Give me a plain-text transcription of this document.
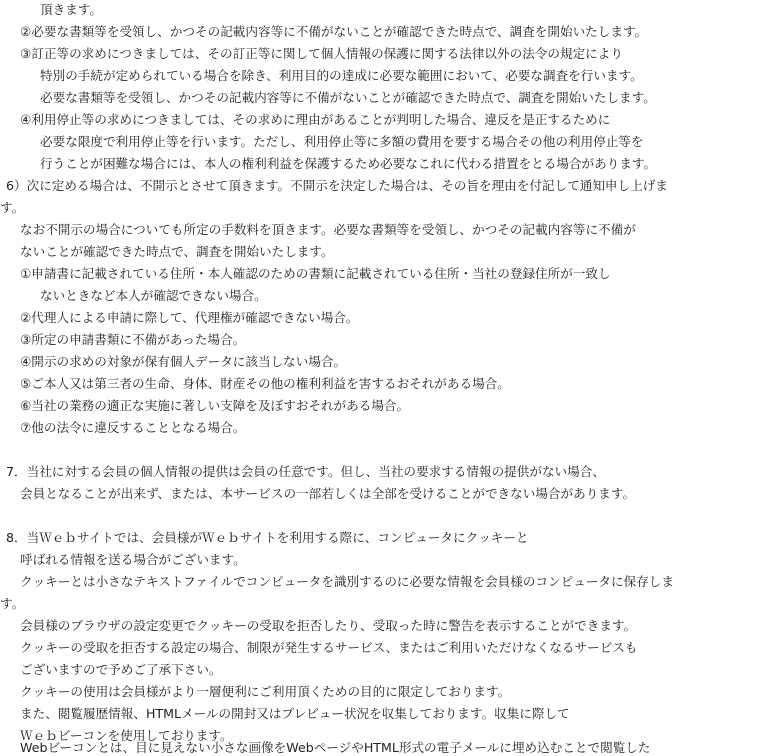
頂きます。
②必要な書類等を受領し、かつその記載内容等に不備がないことが確認できた時点で、調査を開始いたします。
③訂正等の求めにつきましては、その訂正等に関して個人情報の保護に関する法律以外の法令の規定により
特別の手続が定められている場合を除き、利用目的の達成に必要な範囲において、必要な調査を行います。
必要な書類等を受領し、かつその記載内容等に不備がないことが確認できた時点で、調査を開始いたします。
④利用停止等の求めにつきましては、その求めに理由があることが判明した場合、違反を是正するために
必要な限度で利用停止等を行います。ただし、利用停止等に多額の費用を要する場合その他の利用停止等を
行うことが困難な場合には、本人の権利利益を保護するため必要なこれに代わる措置をとる場合があります。
6）次に定める場合は、不開示とさせて頂きます。不開示を決定した場合は、その旨を理由を付記して通知申し上げま
す。
なお不開示の場合についても所定の手数料を頂きます。必要な書類等を受領し、かつその記載内容等に不備が
ないことが確認できた時点で、調査を開始いたします。
①申請書に記載されている住所・本人確認のための書類に記載されている住所・当社の登録住所が一致し
ないときなど本人が確認できない場合。
②代理人による申請に際して、代理権が確認できない場合。
③所定の申請書類に不備があった場合。
④開示の求めの対象が保有個人データに該当しない場合。
⑤ご本人又は第三者の生命、身体、財産その他の権利利益を害するおそれがある場合。
⑥当社の業務の適正な実施に著しい支障を及ぼすおそれがある場合。
⑦他の法令に違反することとなる場合。
7．当社に対する会員の個人情報の提供は会員の任意です。但し、当社の要求する情報の提供がない場合、
会員となることが出来ず、または、本サービスの一部若しくは全部を受けることができない場合があります。
8．当Ｗｅｂサイトでは、会員様がＷｅｂサイトを利用する際に、コンピュータにクッキーと
呼ばれる情報を送る場合がございます。
クッキーとは小さなテキストファイルでコンピュータを識別するのに必要な情報を会員様のコンピュータに保存しま
す。
会員様のブラウザの設定変更でクッキーの受取を拒否したり、受取った時に警告を表示することができます。
クッキーの受取を拒否する設定の場合、制限が発生するサービス、またはご利用いただけなくなるサービスも
ございますので予めご了承下さい。
クッキーの使用は会員様がより一層便利にご利用頂くための目的に限定しております。
また、閲覧履歴情報、HTMLメールの開封又はプレビュー状況を収集しております。収集に際して
Ｗｅｂビーコンを使用しております。
Webビーコンとは、目に見えない小さな画像をWebページやHTML形式の電子メールに埋め込むことで閲覧した
